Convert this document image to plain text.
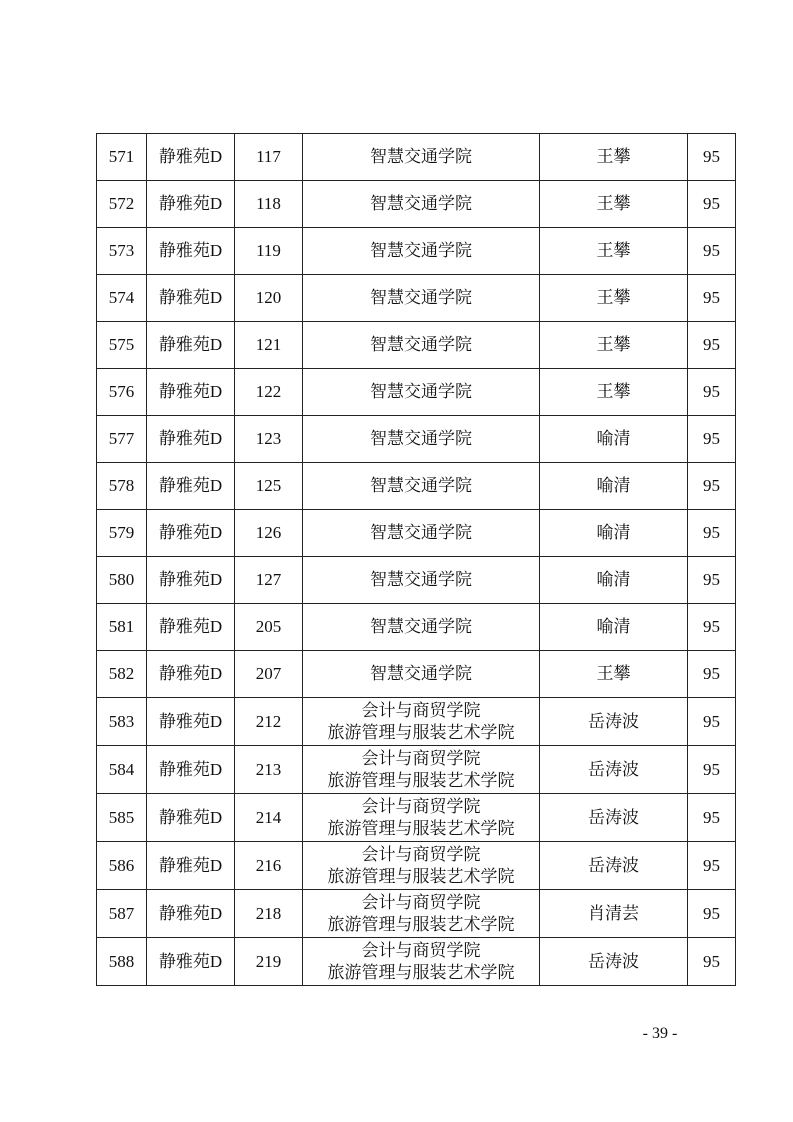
571	静雅苑D	117	智慧交通学院	王攀	95
572	静雅苑D	118	智慧交通学院	王攀	95
573	静雅苑D	119	智慧交通学院	王攀	95
574	静雅苑D	120	智慧交通学院	王攀	95
575	静雅苑D	121	智慧交通学院	王攀	95
576	静雅苑D	122	智慧交通学院	王攀	95
577	静雅苑D	123	智慧交通学院	喻清	95
578	静雅苑D	125	智慧交通学院	喻清	95
579	静雅苑D	126	智慧交通学院	喻清	95
580	静雅苑D	127	智慧交通学院	喻清	95
581	静雅苑D	205	智慧交通学院	喻清	95
582	静雅苑D	207	智慧交通学院	王攀	95
583	静雅苑D	212	会计与商贸学院
旅游管理与服装艺术学院	岳涛波	95
584	静雅苑D	213	会计与商贸学院
旅游管理与服装艺术学院	岳涛波	95
585	静雅苑D	214	会计与商贸学院
旅游管理与服装艺术学院	岳涛波	95
586	静雅苑D	216	会计与商贸学院
旅游管理与服装艺术学院	岳涛波	95
587	静雅苑D	218	会计与商贸学院
旅游管理与服装艺术学院	肖清芸	95
588	静雅苑D	219	会计与商贸学院
旅游管理与服装艺术学院	岳涛波	95
- 39 -
